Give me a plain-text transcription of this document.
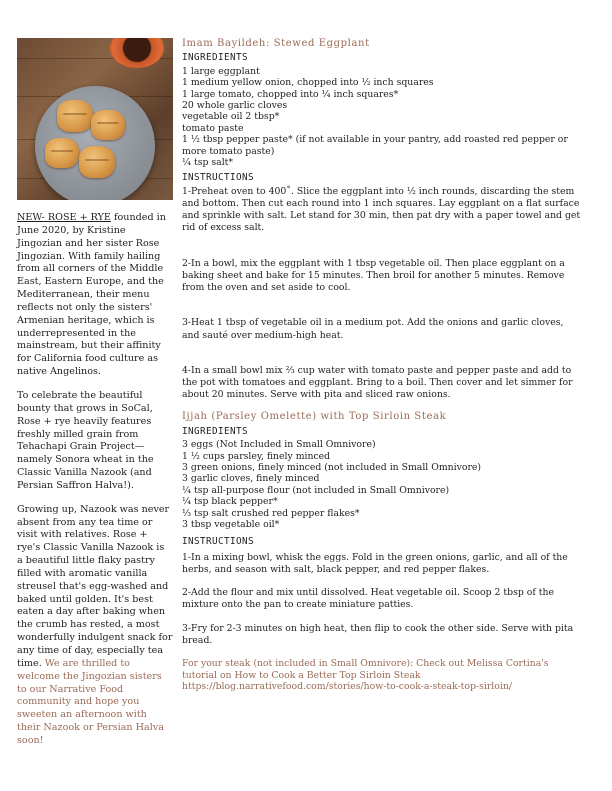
NEW- ROSE + RYE founded in June 2020, by Kristine Jingozian and her sister Rose Jingozian. With family hailing from all corners of the Middle East, Eastern Europe, and the Mediterranean, their menu reflects not only the sisters' Armenian heritage, which is underrepresented in the mainstream, but their affinity for California food culture as native Angelinos.

To celebrate the beautiful bounty that grows in SoCal, Rose + rye heavily features freshly milled grain from Tehachapi Grain Project—namely Sonora wheat in the Classic Vanilla Nazook (and Persian Saffron Halva!).

Growing up, Nazook was never absent from any tea time or visit with relatives. Rose + rye's Classic Vanilla Nazook is a beautiful little flaky pastry filled with aromatic vanilla streusel that's egg-washed and baked until golden. It's best eaten a day after baking when the crumb has rested, a most wonderfully indulgent snack for any time of day, especially tea time. We are thrilled to welcome the Jingozian sisters to our Narrative Food community and hope you sweeten an afternoon with their Nazook or Persian Halva soon!

Imam Bayildeh: Stewed Eggplant
INGREDIENTS
1 large eggplant
1 medium yellow onion, chopped into ½ inch squares
1 large tomato, chopped into ¼ inch squares*
20 whole garlic cloves
vegetable oil 2 tbsp*
tomato paste
1 ½ tbsp pepper paste* (if not available in your pantry, add roasted red pepper or more tomato paste)
¼ tsp salt*
INSTRUCTIONS

1-Preheat oven to 400˚. Slice the eggplant into ½ inch rounds, discarding the stem and bottom. Then cut each round into 1 inch squares. Lay eggplant on a flat surface and sprinkle with salt. Let stand for 30 min, then pat dry with a paper towel and get rid of excess salt.

2-In a bowl, mix the eggplant with 1 tbsp vegetable oil. Then place eggplant on a baking sheet and bake for 15 minutes. Then broil for another 5 minutes. Remove from the oven and set aside to cool.

3-Heat 1 tbsp of vegetable oil in a medium pot. Add the onions and garlic cloves, and sauté over medium-high heat.

4-In a small bowl mix ⅔ cup water with tomato paste and pepper paste and add to the pot with tomatoes and eggplant. Bring to a boil. Then cover and let simmer for about 20 minutes. Serve with pita and sliced raw onions.

Ijjah (Parsley Omelette) with Top Sirloin Steak
INGREDIENTS
3 eggs (Not Included in Small Omnivore)
1 ½ cups parsley, finely minced
3 green onions, finely minced (not included in Small Omnivore)
3 garlic cloves, finely minced
¼ tsp all-purpose flour (not included in Small Omnivore)
¼ tsp black pepper*
⅓ tsp salt crushed red pepper flakes*
3 tbsp vegetable oil*
INSTRUCTIONS

1-In a mixing bowl, whisk the eggs. Fold in the green onions, garlic, and all of the herbs, and season with salt, black pepper, and red pepper flakes.

2-Add the flour and mix until dissolved. Heat vegetable oil. Scoop 2 tbsp of the mixture onto the pan to create miniature patties.

3-Fry for 2-3 minutes on high heat, then flip to cook the other side. Serve with pita bread.

For your steak (not included in Small Omnivore): Check out Melissa Cortina's tutorial on How to Cook a Better Top Sirloin Steak
https://blog.narrativefood.com/stories/how-to-cook-a-steak-top-sirloin/
